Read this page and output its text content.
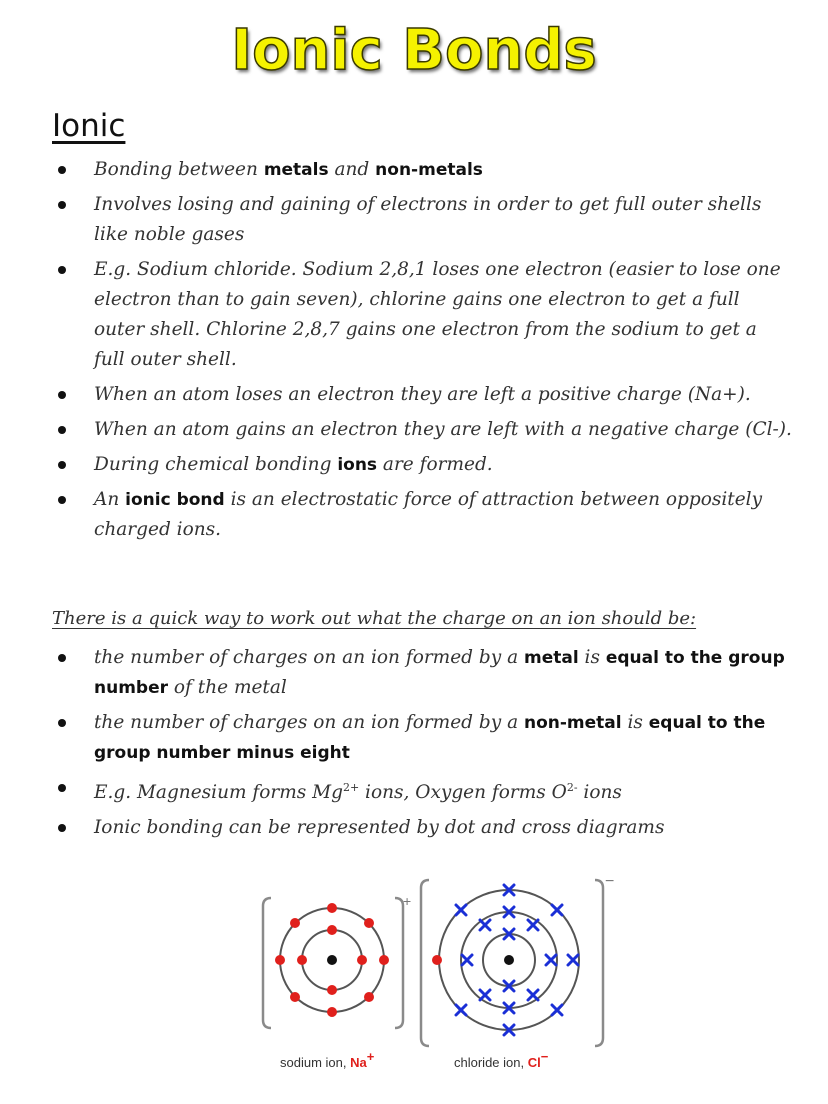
Ionic Bonds
Ionic
Bonding between metals and non-metals
Involves losing and gaining of electrons in order to get full outer shells like noble gases
E.g. Sodium chloride. Sodium 2,8,1 loses one electron (easier to lose one electron than to gain seven), chlorine gains one electron to get a full outer shell. Chlorine 2,8,7 gains one electron from the sodium to get a full outer shell.
When an atom loses an electron they are left a positive charge (Na+).
When an atom gains an electron they are left with a negative charge (Cl-).
During chemical bonding ions are formed.
An ionic bond is an electrostatic force of attraction between oppositely charged ions.
There is a quick way to work out what the charge on an ion should be:
the number of charges on an ion formed by a metal is equal to the group number of the metal
the number of charges on an ion formed by a non-metal is equal to the group number minus eight
E.g. Magnesium forms $Mg^{2+}$ ions, Oxygen forms $O^{2-}$ ions
Ionic bonding can be represented by dot and cross diagrams
+
−
sodium ion, Na+	chloride ion, Cl−
